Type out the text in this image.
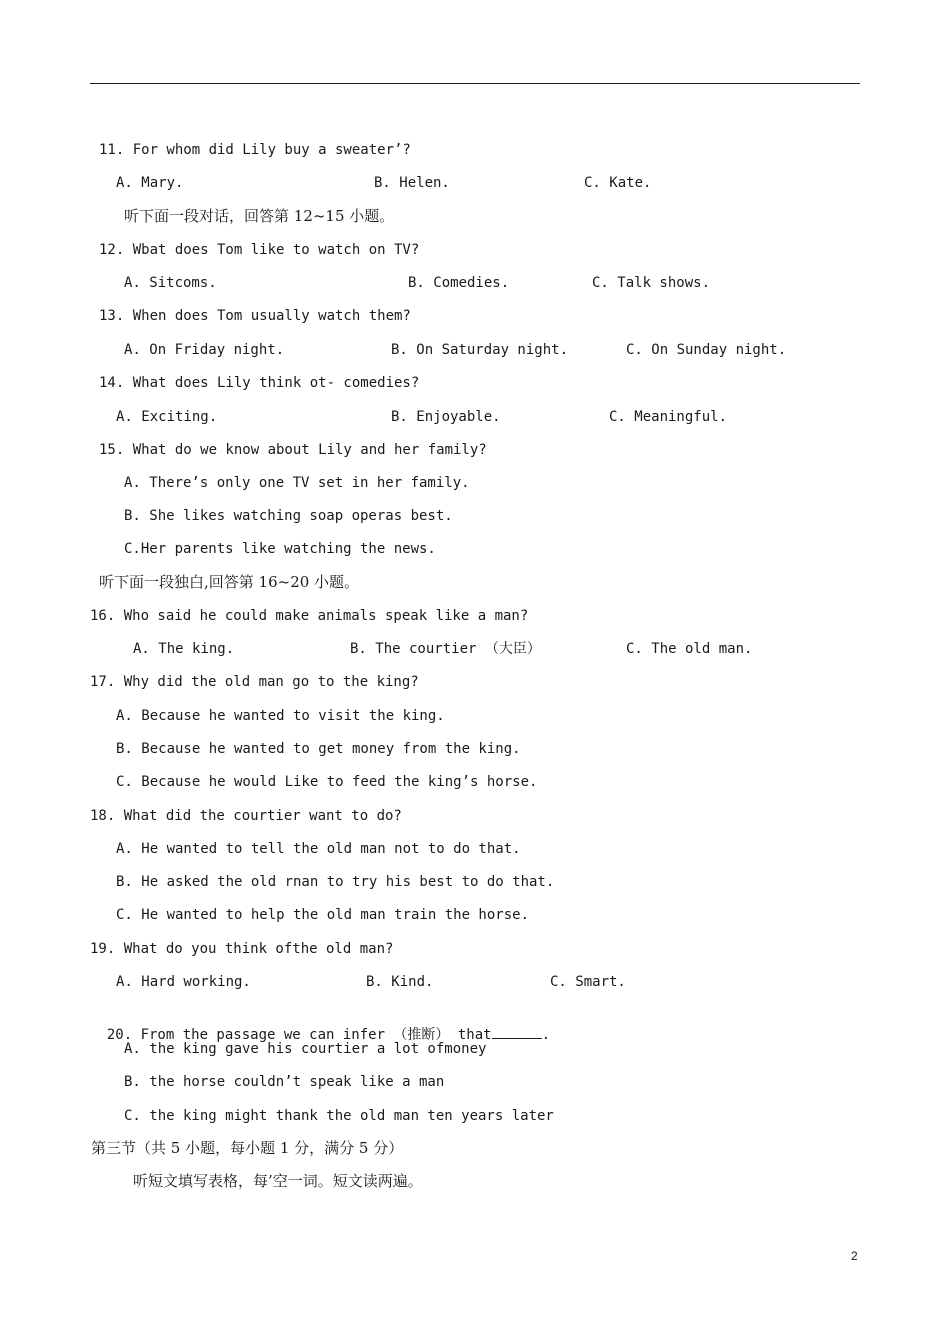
11. For whom did Lily buy a sweater’?
A. Mary.	B. Helen.	C. Kate.
听下面一段对话，回答第 12~15 小题。
12. Wbat does Tom like to watch on TV?
A. Sitcoms.	B. Comedies.	C. Talk shows.
13. When does Tom usually watch them?
A. On Friday night.	B. On Saturday night.	C. On Sunday night.
14. What does Lily think ot- comedies?
A. Exciting.	B. Enjoyable.	C. Meaningful.
15. What do we know about Lily and her family?
A. There’s only one TV set in her family.
B. She likes watching soap operas best.
C.Her parents like watching the news.
听下面一段独白,回答第 16~20 小题。
16. Who said he could make animals speak like a man?
A. The king.	B. The courtier （大臣）	C. The old man.
17. Why did the old man go to the king?
A. Because he wanted to visit the king.
B. Because he wanted to get money from the king.
C. Because he would Like to feed the king’s horse.
18. What did the courtier want to do?
A. He wanted to tell the old man not to do that.
B. He asked the old rnan to try his best to do that.
C. He wanted to help the old man train the horse.
19. What do you think ofthe old man?
A. Hard working.	B. Kind.	C. Smart.

20. From the passage we can infer （推断） that	.

A. the king gave his courtier a lot ofmoney
B. the horse couldn’t speak like a man
C. the king might thank the old man ten years later
第三节（共 5 小题，每小题 1 分，满分 5 分）
听短文填写表格，每’空一词。短文读两遍。
2
